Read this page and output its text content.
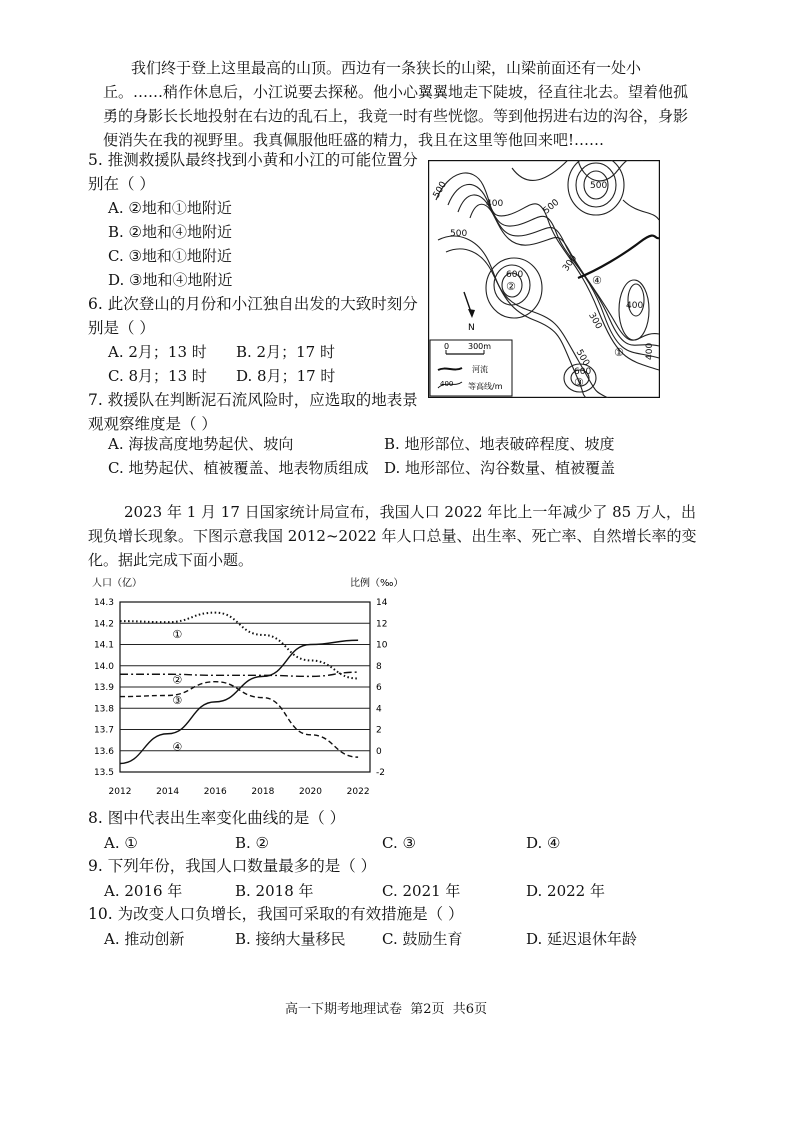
我们终于登上这里最高的山顶。西边有一条狭长的山梁，山梁前面还有一处小
丘。……稍作休息后，小江说要去探秘。他小心翼翼地走下陡坡，径直往北去。望着他孤
勇的身影长长地投射在右边的乱石上，我竟一时有些恍惚。等到他拐进右边的沟谷，身影
便消失在我的视野里。我真佩服他旺盛的精力，我且在这里等他回来吧!……
5. 推测救援队最终找到小黄和小江的可能位置分
别在（ ）
A. ②地和①地附近
B. ②地和④地附近
C. ③地和①地附近
D. ③地和④地附近
6. 此次登山的月份和小江独自出发的大致时刻分
别是（ ）
A. 2月；13 时 B. 2月；17 时
C. 8月；13 时 D. 8月；17 时
7. 救援队在判断泥石流风险时，应选取的地表景
观观察维度是（ ）
A. 海拔高度地势起伏、坡向	B. 地形部位、地表破碎程度、坡度
C. 地势起伏、植被覆盖、地表物质组成 D. 地形部位、沟谷数量、植被覆盖
500
400
500
600
300
500
400
300
500
600
400
500
②	④
③
①
N
0 300m
河流
400 等高线/m
2023 年 1 月 17 日国家统计局宣布，我国人口 2022 年比上一年减少了 85 万人，出
现负增长现象。下图示意我国 2012~2022 年人口总量、出生率、死亡率、自然增长率的变
化。据此完成下面小题。
人口（亿）	比例（‰）
14.3
14.2
14.1
14.0
13.9
13.8
13.7
13.6
13.5
14
12
10
8
6
4
2
0
-2
2012	2014	2016	2018	2020	2022
①
②
③
④
8. 图中代表出生率变化曲线的是（ ）
A. ①	B. ②	C. ③	D. ④
9. 下列年份，我国人口数量最多的是（ ）
A. 2016 年	B. 2018 年	C. 2021 年	D. 2022 年
10. 为改变人口负增长，我国可采取的有效措施是（ ）
A. 推动创新	B. 接纳大量移民 C. 鼓励生育	D. 延迟退休年龄
高一下期考地理试卷  第2页  共6页
